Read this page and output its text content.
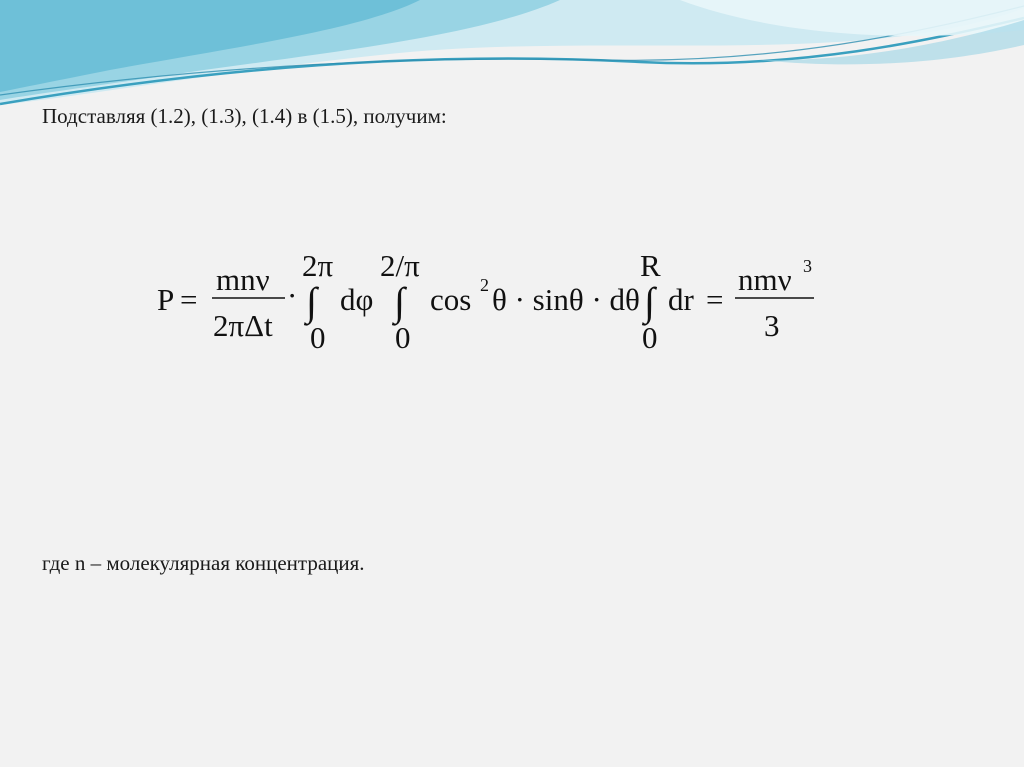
Подставляя (1.2), (1.3), (1.4) в (1.5), получим:
P =
mnν
2πΔt
·
2π
∫
0
dφ
2/π
∫
0
cos 2 θ · sinθ · dθ
R
∫
0
dr =
nmν 3
3
где n – молекулярная концентрация.
